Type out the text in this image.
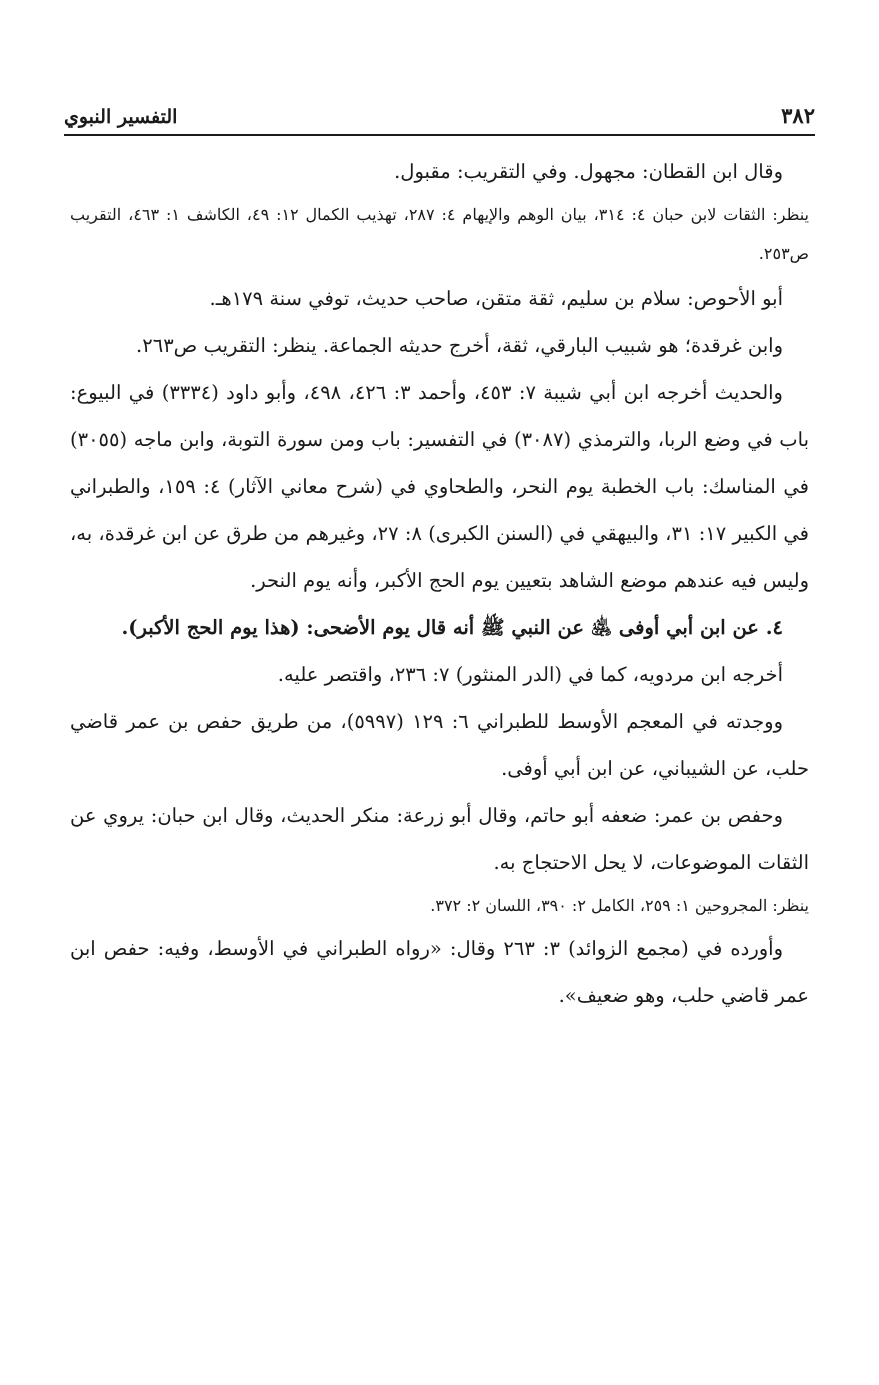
٣٨٢
التفسير النبوي

وقال ابن القطان: مجهول. وفي التقريب: مقبول.

ينظر: الثقات لابن حبان ٤: ٣١٤، بيان الوهم والإيهام ٤: ٢٨٧، تهذيب الكمال ١٢: ٤٩، الكاشف ١: ٤٦٣، التقريب ص٢٥٣.

أبو الأحوص: سلام بن سليم، ثقة متقن، صاحب حديث، توفي سنة ١٧٩هـ.

وابن غرقدة؛ هو شبيب البارقي، ثقة، أخرج حديثه الجماعة. ينظر: التقريب ص٢٦٣.

والحديث أخرجه ابن أبي شيبة ٧: ٤٥٣، وأحمد ٣: ٤٢٦، ٤٩٨، وأبو داود (٣٣٣٤) في البيوع: باب في وضع الربا، والترمذي (٣٠٨٧) في التفسير: باب ومن سورة التوبة، وابن ماجه (٣٠٥٥) في المناسك: باب الخطبة يوم النحر، والطحاوي في (شرح معاني الآثار) ٤: ١٥٩، والطبراني في الكبير ١٧: ٣١، والبيهقي في (السنن الكبرى) ٨: ٢٧، وغيرهم من طرق عن ابن غرقدة، به، وليس فيه عندهم موضع الشاهد بتعيين يوم الحج الأكبر، وأنه يوم النحر.

٤. عن ابن أبي أوفى ﵁ عن النبي ﷺ أنه قال يوم الأضحى: (هذا يوم الحج الأكبر).

أخرجه ابن مردويه، كما في (الدر المنثور) ٧: ٢٣٦، واقتصر عليه.

ووجدته في المعجم الأوسط للطبراني ٦: ١٢٩ (٥٩٩٧)، من طريق حفص بن عمر قاضي حلب، عن الشيباني، عن ابن أبي أوفى.

وحفص بن عمر: ضعفه أبو حاتم، وقال أبو زرعة: منكر الحديث، وقال ابن حبان: يروي عن الثقات الموضوعات، لا يحل الاحتجاج به.

ينظر: المجروحين ١: ٢٥٩، الكامل ٢: ٣٩٠، اللسان ٢: ٣٧٢.

وأورده في (مجمع الزوائد) ٣: ٢٦٣ وقال: «رواه الطبراني في الأوسط، وفيه: حفص ابن عمر قاضي حلب، وهو ضعيف».
